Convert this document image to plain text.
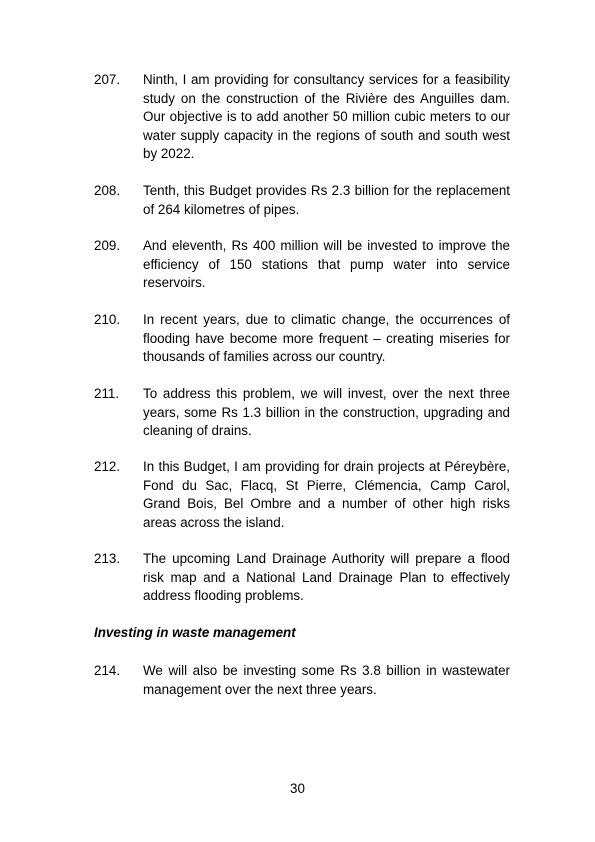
207.	Ninth, I am providing for consultancy services for a feasibility study on the construction of the Rivière des Anguilles dam. Our objective is to add another 50 million cubic meters to our water supply capacity in the regions of south and south west by 2022.
208.	Tenth, this Budget provides Rs 2.3 billion for the replacement of 264 kilometres of pipes.
209.	And eleventh, Rs 400 million will be invested to improve the efficiency of 150 stations that pump water into service reservoirs.
210.	In recent years, due to climatic change, the occurrences of flooding have become more frequent – creating miseries for thousands of families across our country.
211.	To address this problem, we will invest, over the next three years, some Rs 1.3 billion in the construction, upgrading and cleaning of drains.
212.	In this Budget, I am providing for drain projects at Péreybère, Fond du Sac, Flacq, St Pierre, Clémencia, Camp Carol, Grand Bois, Bel Ombre and a number of other high risks areas across the island.
213.	The upcoming Land Drainage Authority will prepare a flood risk map and a National Land Drainage Plan to effectively address flooding problems.
Investing in waste management
214.	We will also be investing some Rs 3.8 billion in wastewater management over the next three years.
30
